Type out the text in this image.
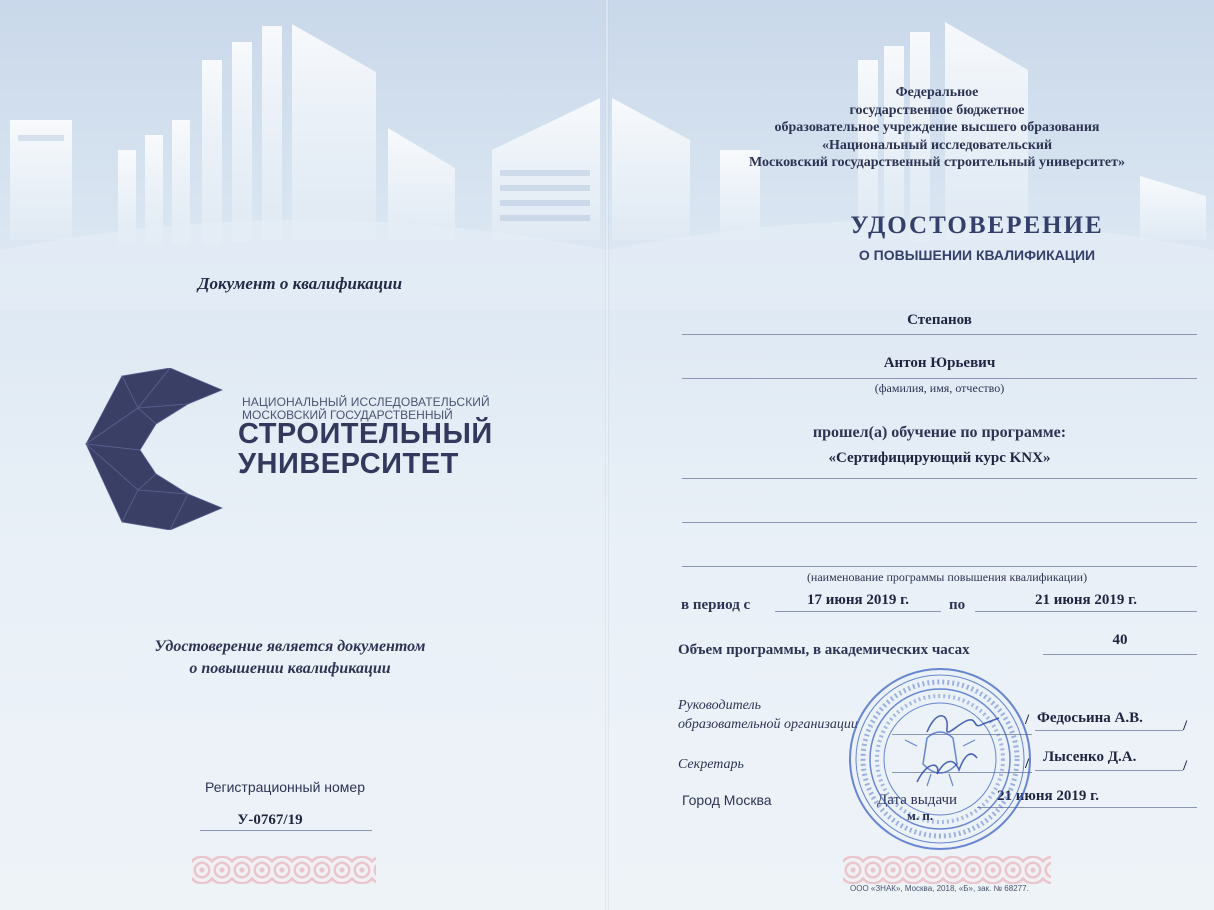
Документ о квалификации
НАЦИОНАЛЬНЫЙ ИССЛЕДОВАТЕЛЬСКИЙ
МОСКОВСКИЙ ГОСУДАРСТВЕННЫЙ
СТРОИТЕЛЬНЫЙ
УНИВЕРСИТЕТ
Удостоверение является документом
о повышении квалификации
Регистрационный номер
У-0767/19
Федеральное
государственное бюджетное
образовательное учреждение высшего образования
«Национальный исследовательский
Московский государственный строительный университет»
УДОСТОВЕРЕНИЕ
О ПОВЫШЕНИИ КВАЛИФИКАЦИИ
Степанов
Антон Юрьевич
(фамилия, имя, отчество)
прошел(а) обучение по программе:
«Сертифицирующий курс KNX»
(наименование программы повышения квалификации)
в период с	17 июня 2019 г.	по	21 июня 2019 г.
Объем программы, в академических часах
40
Руководитель
образовательной организации	/ Федосьина А.В.	/
Секретарь	/ Лысенко Д.А.
/
Город Москва	Дата выдачи	21 июня 2019 г.
м. п.
ООО «ЗНАК», Москва, 2018, «Б», зак. № 68277.
